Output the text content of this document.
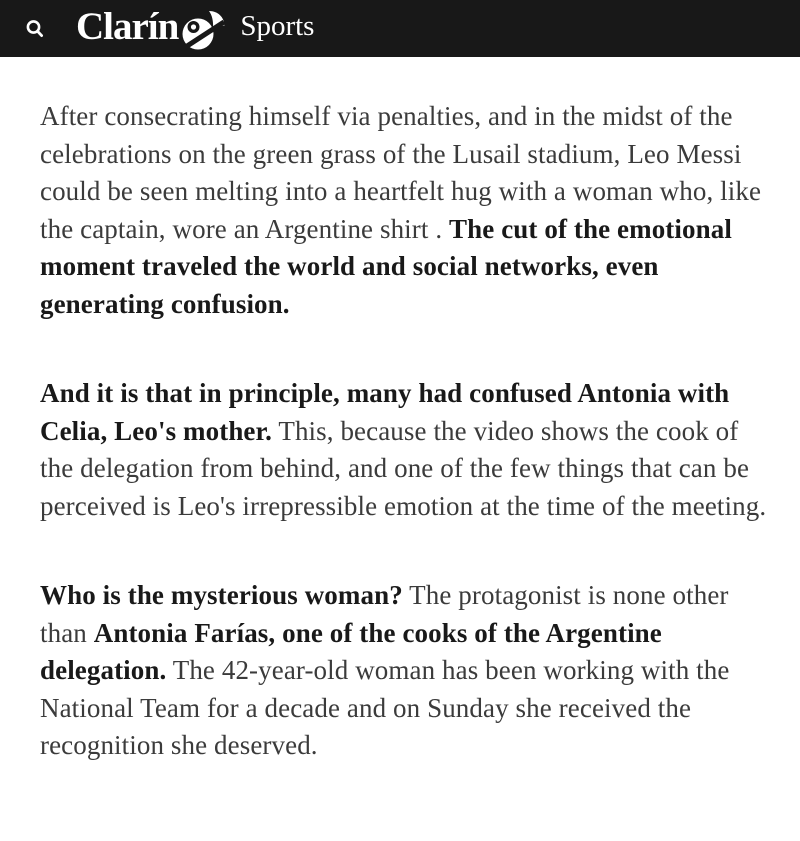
Clarín Sports

After consecrating himself via penalties, and in the midst of the celebrations on the green grass of the Lusail stadium, Leo Messi could be seen melting into a heartfelt hug with a woman who, like the captain, wore an Argentine shirt . The cut of the emotional moment traveled the world and social networks, even generating confusion.

And it is that in principle, many had confused Antonia with Celia, Leo's mother. This, because the video shows the cook of the delegation from behind, and one of the few things that can be perceived is Leo's irrepressible emotion at the time of the meeting.

Who is the mysterious woman? The protagonist is none other than Antonia Farías, one of the cooks of the Argentine delegation. The 42-year-old woman has been working with the National Team for a decade and on Sunday she received the recognition she deserved.
